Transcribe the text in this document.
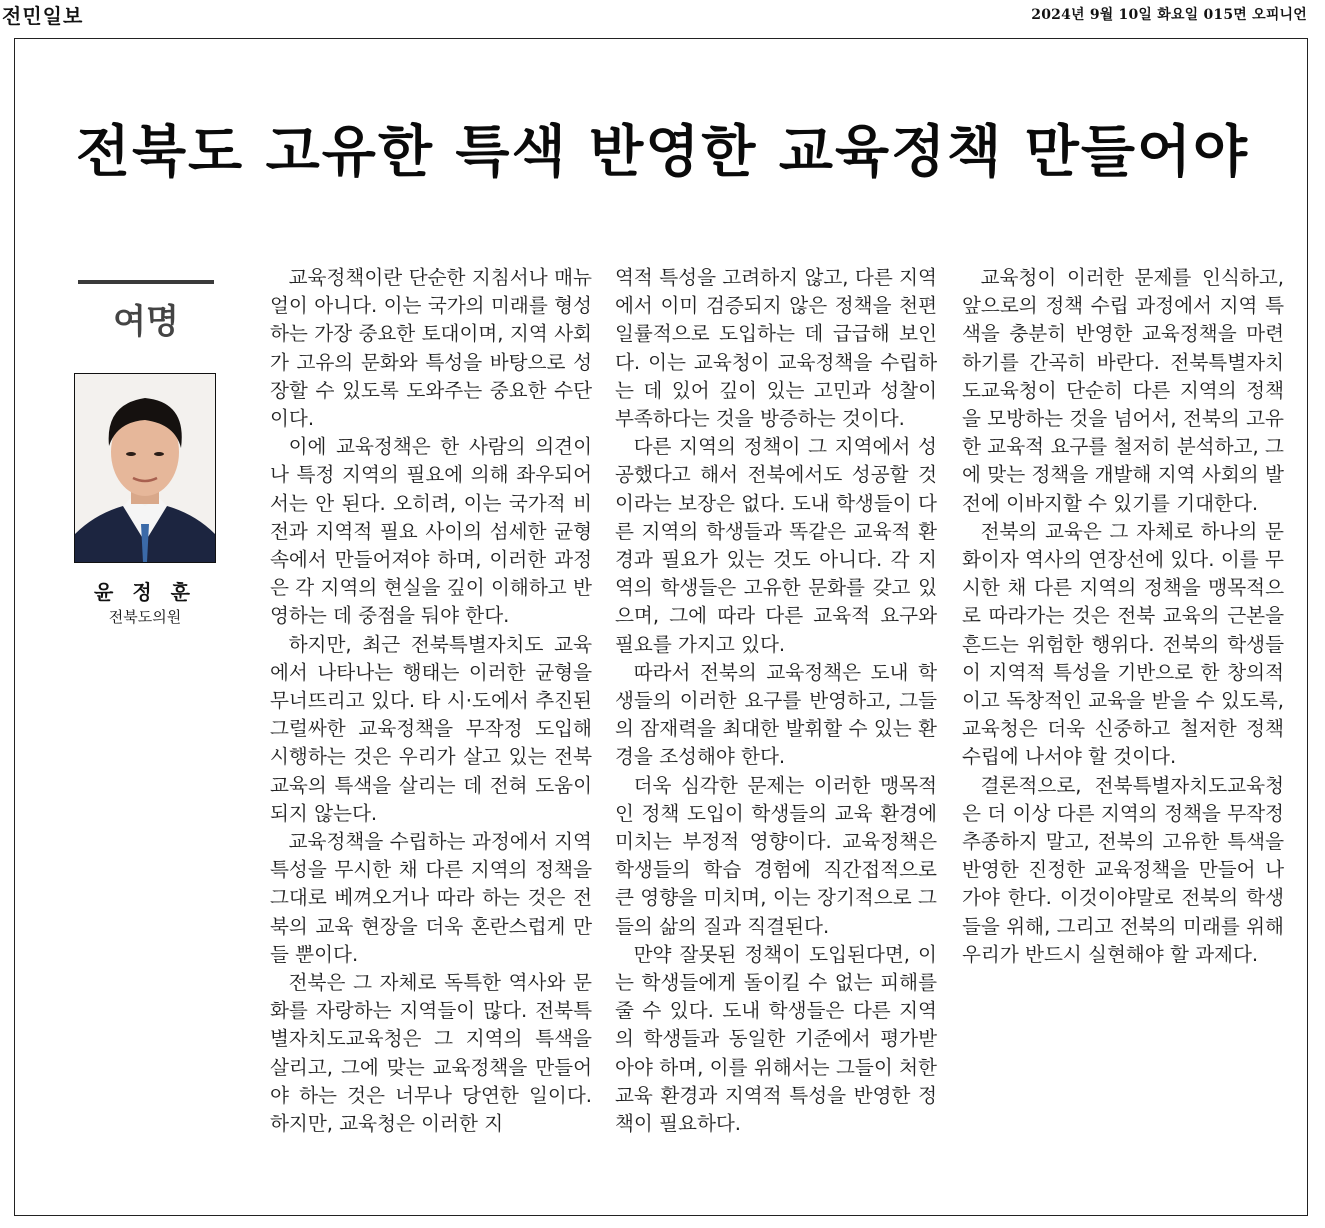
전민일보	2024년 9월 10일 화요일 015면 오피니언
전북도 고유한 특색 반영한 교육정책 만들어야
여명
윤 정 훈
전북도의원

교육정책이란 단순한 지침서나 매뉴얼이 아니다. 이는 국가의 미래를 형성하는 가장 중요한 토대이며, 지역 사회가 고유의 문화와 특성을 바탕으로 성장할 수 있도록 도와주는 중요한 수단이다.

이에 교육정책은 한 사람의 의견이나 특정 지역의 필요에 의해 좌우되어서는 안 된다. 오히려, 이는 국가적 비전과 지역적 필요 사이의 섬세한 균형 속에서 만들어져야 하며, 이러한 과정은 각 지역의 현실을 깊이 이해하고 반영하는 데 중점을 둬야 한다.

하지만, 최근 전북특별자치도 교육에서 나타나는 행태는 이러한 균형을 무너뜨리고 있다. 타 시·도에서 추진된 그럴싸한 교육정책을 무작정 도입해 시행하는 것은 우리가 살고 있는 전북 교육의 특색을 살리는 데 전혀 도움이 되지 않는다.

교육정책을 수립하는 과정에서 지역 특성을 무시한 채 다른 지역의 정책을 그대로 베껴오거나 따라 하는 것은 전북의 교육 현장을 더욱 혼란스럽게 만들 뿐이다.

전북은 그 자체로 독특한 역사와 문화를 자랑하는 지역들이 많다. 전북특별자치도교육청은 그 지역의 특색을 살리고, 그에 맞는 교육정책을 만들어야 하는 것은 너무나 당연한 일이다. 하지만, 교육청은 이러한 지

역적 특성을 고려하지 않고, 다른 지역에서 이미 검증되지 않은 정책을 천편일률적으로 도입하는 데 급급해 보인다. 이는 교육청이 교육정책을 수립하는 데 있어 깊이 있는 고민과 성찰이 부족하다는 것을 방증하는 것이다.

다른 지역의 정책이 그 지역에서 성공했다고 해서 전북에서도 성공할 것이라는 보장은 없다. 도내 학생들이 다른 지역의 학생들과 똑같은 교육적 환경과 필요가 있는 것도 아니다. 각 지역의 학생들은 고유한 문화를 갖고 있으며, 그에 따라 다른 교육적 요구와 필요를 가지고 있다.

따라서 전북의 교육정책은 도내 학생들의 이러한 요구를 반영하고, 그들의 잠재력을 최대한 발휘할 수 있는 환경을 조성해야 한다.

더욱 심각한 문제는 이러한 맹목적인 정책 도입이 학생들의 교육 환경에 미치는 부정적 영향이다. 교육정책은 학생들의 학습 경험에 직간접적으로 큰 영향을 미치며, 이는 장기적으로 그들의 삶의 질과 직결된다.

만약 잘못된 정책이 도입된다면, 이는 학생들에게 돌이킬 수 없는 피해를 줄 수 있다. 도내 학생들은 다른 지역의 학생들과 동일한 기준에서 평가받아야 하며, 이를 위해서는 그들이 처한 교육 환경과 지역적 특성을 반영한 정책이 필요하다.

교육청이 이러한 문제를 인식하고, 앞으로의 정책 수립 과정에서 지역 특색을 충분히 반영한 교육정책을 마련하기를 간곡히 바란다. 전북특별자치도교육청이 단순히 다른 지역의 정책을 모방하는 것을 넘어서, 전북의 고유한 교육적 요구를 철저히 분석하고, 그에 맞는 정책을 개발해 지역 사회의 발전에 이바지할 수 있기를 기대한다.

전북의 교육은 그 자체로 하나의 문화이자 역사의 연장선에 있다. 이를 무시한 채 다른 지역의 정책을 맹목적으로 따라가는 것은 전북 교육의 근본을 흔드는 위험한 행위다. 전북의 학생들이 지역적 특성을 기반으로 한 창의적이고 독창적인 교육을 받을 수 있도록, 교육청은 더욱 신중하고 철저한 정책 수립에 나서야 할 것이다.

결론적으로, 전북특별자치도교육청은 더 이상 다른 지역의 정책을 무작정 추종하지 말고, 전북의 고유한 특색을 반영한 진정한 교육정책을 만들어 나가야 한다. 이것이야말로 전북의 학생들을 위해, 그리고 전북의 미래를 위해 우리가 반드시 실현해야 할 과제다.
